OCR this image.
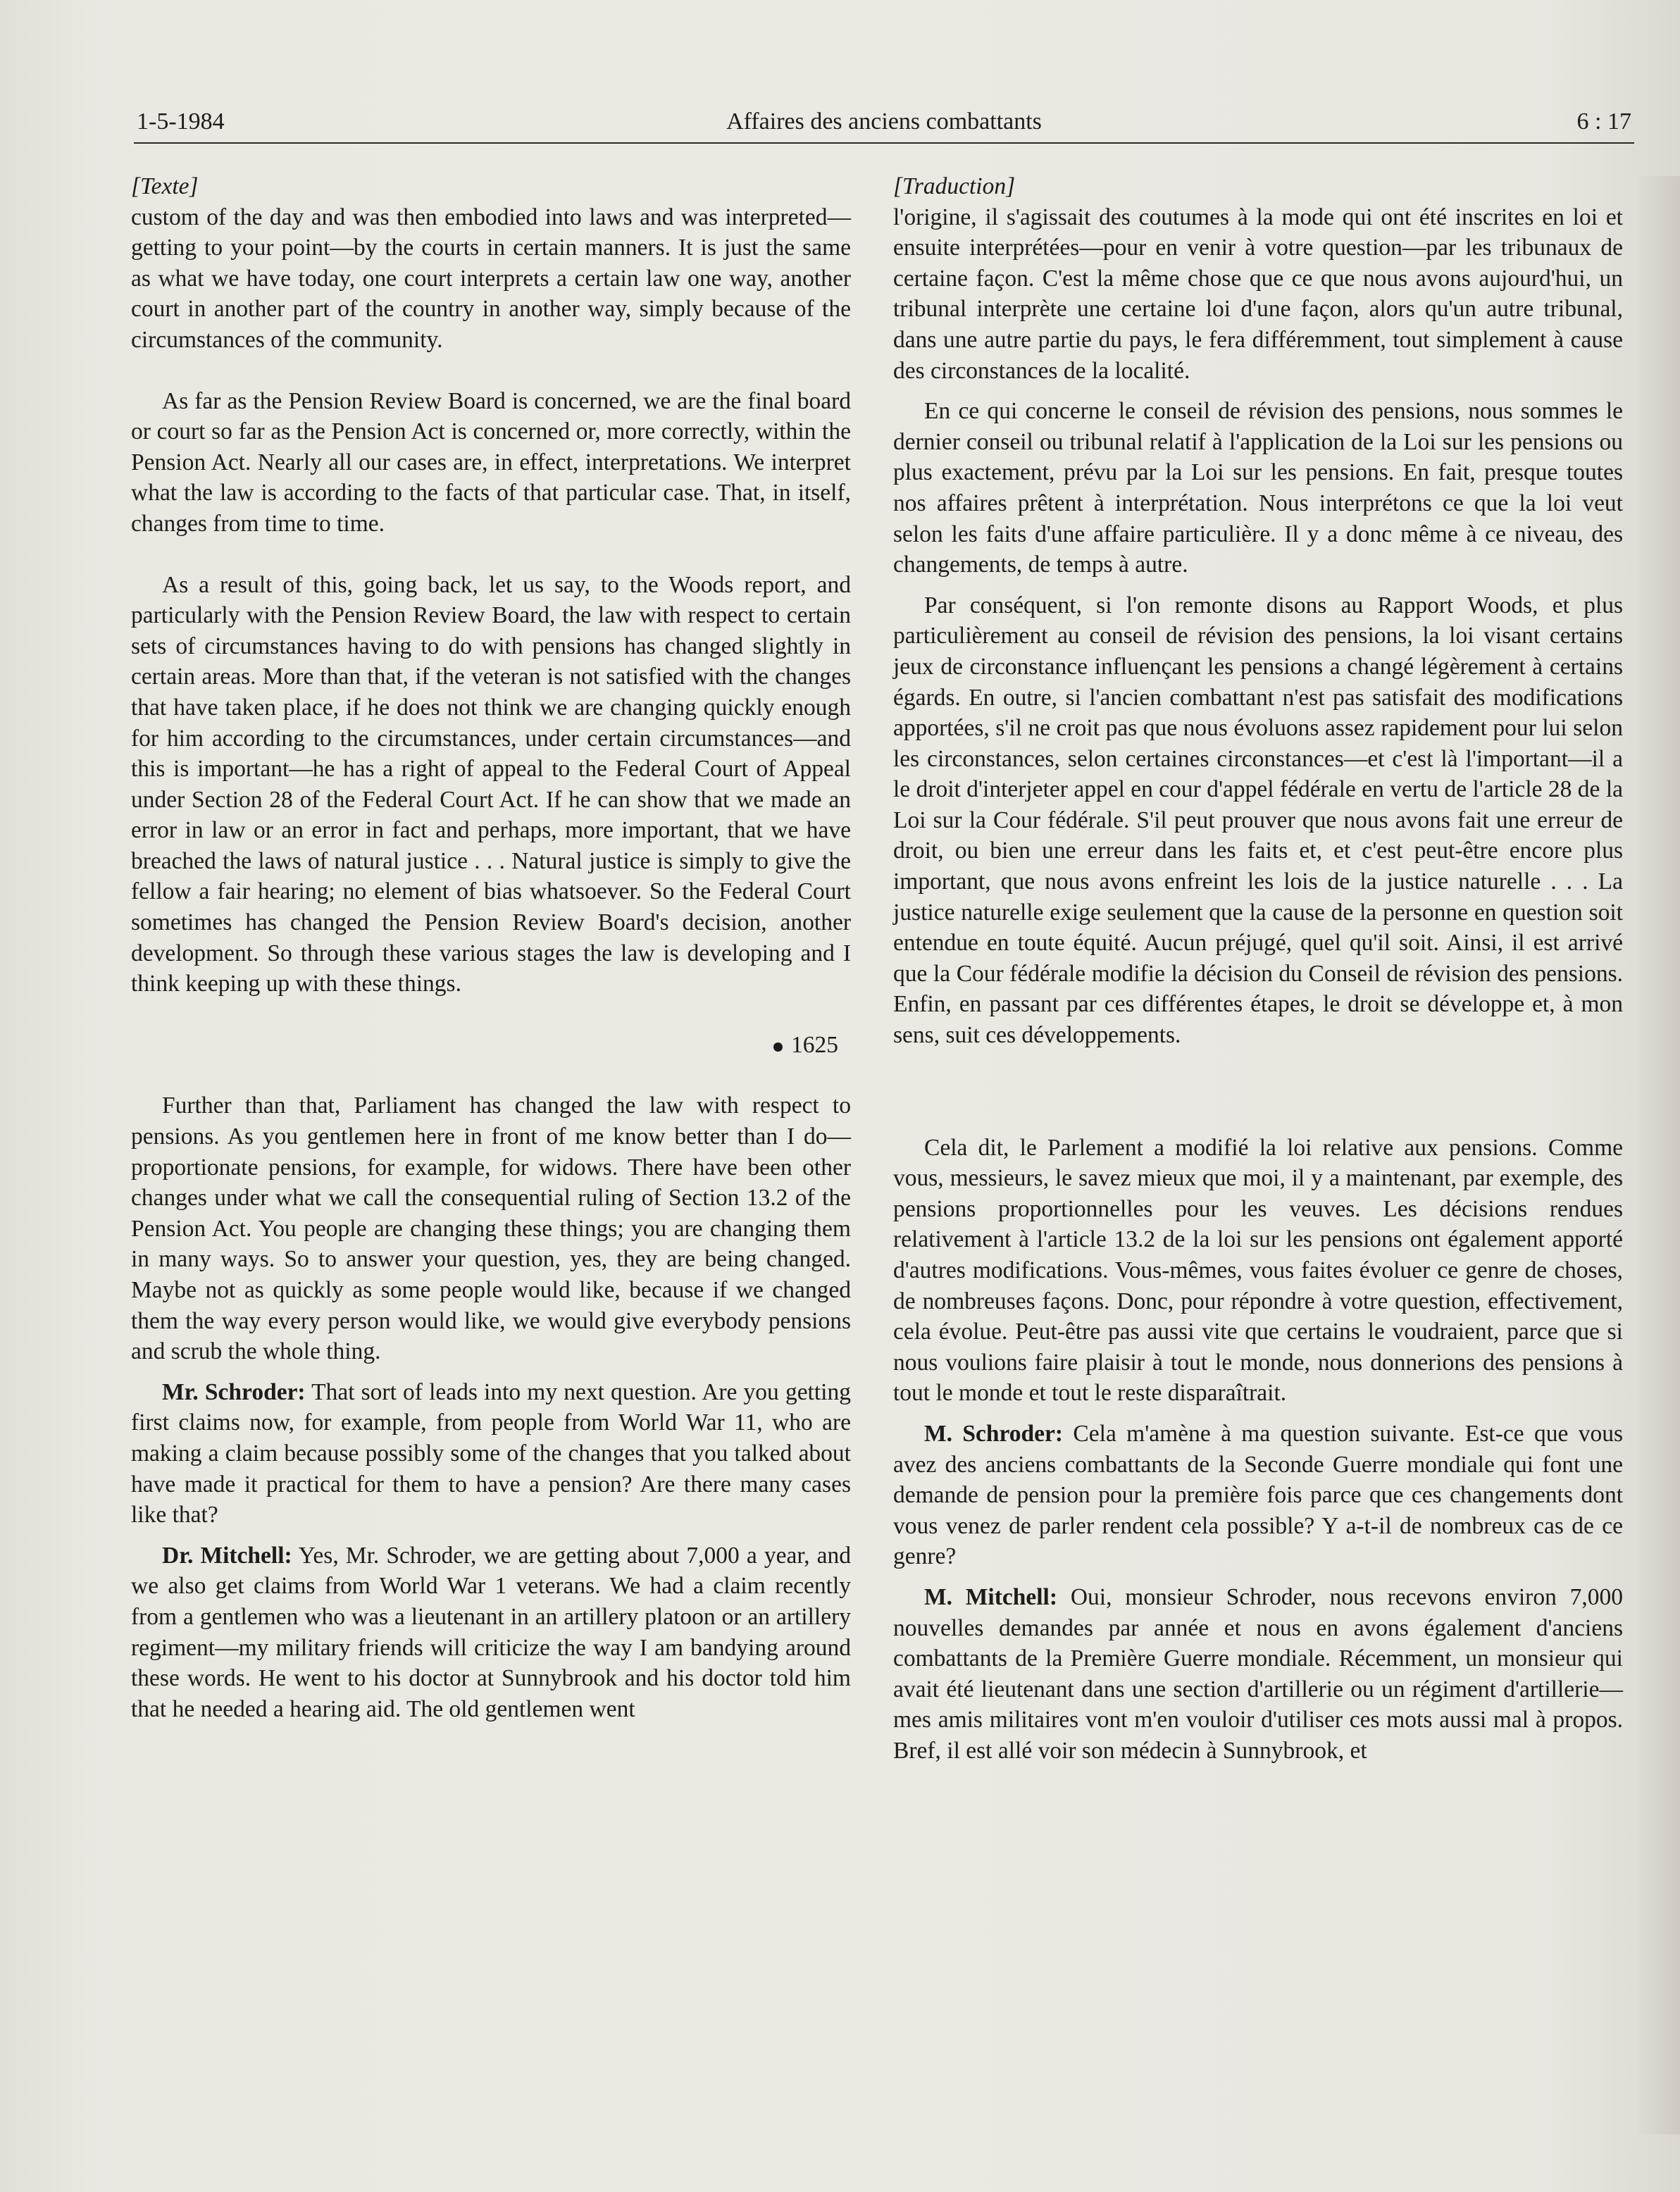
1-5-1984	Affaires des anciens combattants	6 : 17

[Texte]

custom of the day and was then embodied into laws and was interpreted—getting to your point—by the courts in certain manners. It is just the same as what we have today, one court interprets a certain law one way, another court in another part of the country in another way, simply because of the circumstances of the community.

As far as the Pension Review Board is concerned, we are the final board or court so far as the Pension Act is concerned or, more correctly, within the Pension Act. Nearly all our cases are, in effect, interpretations. We interpret what the law is according to the facts of that particular case. That, in itself, changes from time to time.

As a result of this, going back, let us say, to the Woods report, and particularly with the Pension Review Board, the law with respect to certain sets of circumstances having to do with pensions has changed slightly in certain areas. More than that, if the veteran is not satisfied with the changes that have taken place, if he does not think we are changing quickly enough for him according to the circumstances, under certain circumstances—and this is important—he has a right of appeal to the Federal Court of Appeal under Section 28 of the Federal Court Act. If he can show that we made an error in law or an error in fact and perhaps, more important, that we have breached the laws of natural justice . . . Natural justice is simply to give the fellow a fair hearing; no element of bias whatsoever. So the Federal Court sometimes has changed the Pension Review Board's decision, another development. So through these various stages the law is developing and I think keeping up with these things.

1625

Further than that, Parliament has changed the law with respect to pensions. As you gentlemen here in front of me know better than I do—proportionate pensions, for example, for widows. There have been other changes under what we call the consequential ruling of Section 13.2 of the Pension Act. You people are changing these things; you are changing them in many ways. So to answer your question, yes, they are being changed. Maybe not as quickly as some people would like, because if we changed them the way every person would like, we would give everybody pensions and scrub the whole thing.

Mr. Schroder: That sort of leads into my next question. Are you getting first claims now, for example, from people from World War 11, who are making a claim because possibly some of the changes that you talked about have made it practical for them to have a pension? Are there many cases like that?

Dr. Mitchell: Yes, Mr. Schroder, we are getting about 7,000 a year, and we also get claims from World War 1 veterans. We had a claim recently from a gentlemen who was a lieutenant in an artillery platoon or an artillery regiment—my military friends will criticize the way I am bandying around these words. He went to his doctor at Sunnybrook and his doctor told him that he needed a hearing aid. The old gentlemen went

[Traduction]

l'origine, il s'agissait des coutumes à la mode qui ont été inscrites en loi et ensuite interprétées—pour en venir à votre question—par les tribunaux de certaine façon. C'est la même chose que ce que nous avons aujourd'hui, un tribunal interprète une certaine loi d'une façon, alors qu'un autre tribunal, dans une autre partie du pays, le fera différemment, tout simplement à cause des circonstances de la localité.

En ce qui concerne le conseil de révision des pensions, nous sommes le dernier conseil ou tribunal relatif à l'application de la Loi sur les pensions ou plus exactement, prévu par la Loi sur les pensions. En fait, presque toutes nos affaires prêtent à interprétation. Nous interprétons ce que la loi veut selon les faits d'une affaire particulière. Il y a donc même à ce niveau, des changements, de temps à autre.

Par conséquent, si l'on remonte disons au Rapport Woods, et plus particulièrement au conseil de révision des pensions, la loi visant certains jeux de circonstance influençant les pensions a changé légèrement à certains égards. En outre, si l'ancien combattant n'est pas satisfait des modifications apportées, s'il ne croit pas que nous évoluons assez rapidement pour lui selon les circonstances, selon certaines circonstances—et c'est là l'important—il a le droit d'interjeter appel en cour d'appel fédérale en vertu de l'article 28 de la Loi sur la Cour fédérale. S'il peut prouver que nous avons fait une erreur de droit, ou bien une erreur dans les faits et, et c'est peut-être encore plus important, que nous avons enfreint les lois de la justice naturelle . . . La justice naturelle exige seulement que la cause de la personne en question soit entendue en toute équité. Aucun préjugé, quel qu'il soit. Ainsi, il est arrivé que la Cour fédérale modifie la décision du Conseil de révision des pensions. Enfin, en passant par ces différentes étapes, le droit se développe et, à mon sens, suit ces développements.

Cela dit, le Parlement a modifié la loi relative aux pensions. Comme vous, messieurs, le savez mieux que moi, il y a maintenant, par exemple, des pensions proportionnelles pour les veuves. Les décisions rendues relativement à l'article 13.2 de la loi sur les pensions ont également apporté d'autres modifications. Vous-mêmes, vous faites évoluer ce genre de choses, de nombreuses façons. Donc, pour répondre à votre question, effectivement, cela évolue. Peut-être pas aussi vite que certains le voudraient, parce que si nous voulions faire plaisir à tout le monde, nous donnerions des pensions à tout le monde et tout le reste disparaîtrait.

M. Schroder: Cela m'amène à ma question suivante. Est-ce que vous avez des anciens combattants de la Seconde Guerre mondiale qui font une demande de pension pour la première fois parce que ces changements dont vous venez de parler rendent cela possible? Y a-t-il de nombreux cas de ce genre?

M. Mitchell: Oui, monsieur Schroder, nous recevons environ 7,000 nouvelles demandes par année et nous en avons également d'anciens combattants de la Première Guerre mondiale. Récemment, un monsieur qui avait été lieutenant dans une section d'artillerie ou un régiment d'artillerie—mes amis militaires vont m'en vouloir d'utiliser ces mots aussi mal à propos. Bref, il est allé voir son médecin à Sunnybrook, et
